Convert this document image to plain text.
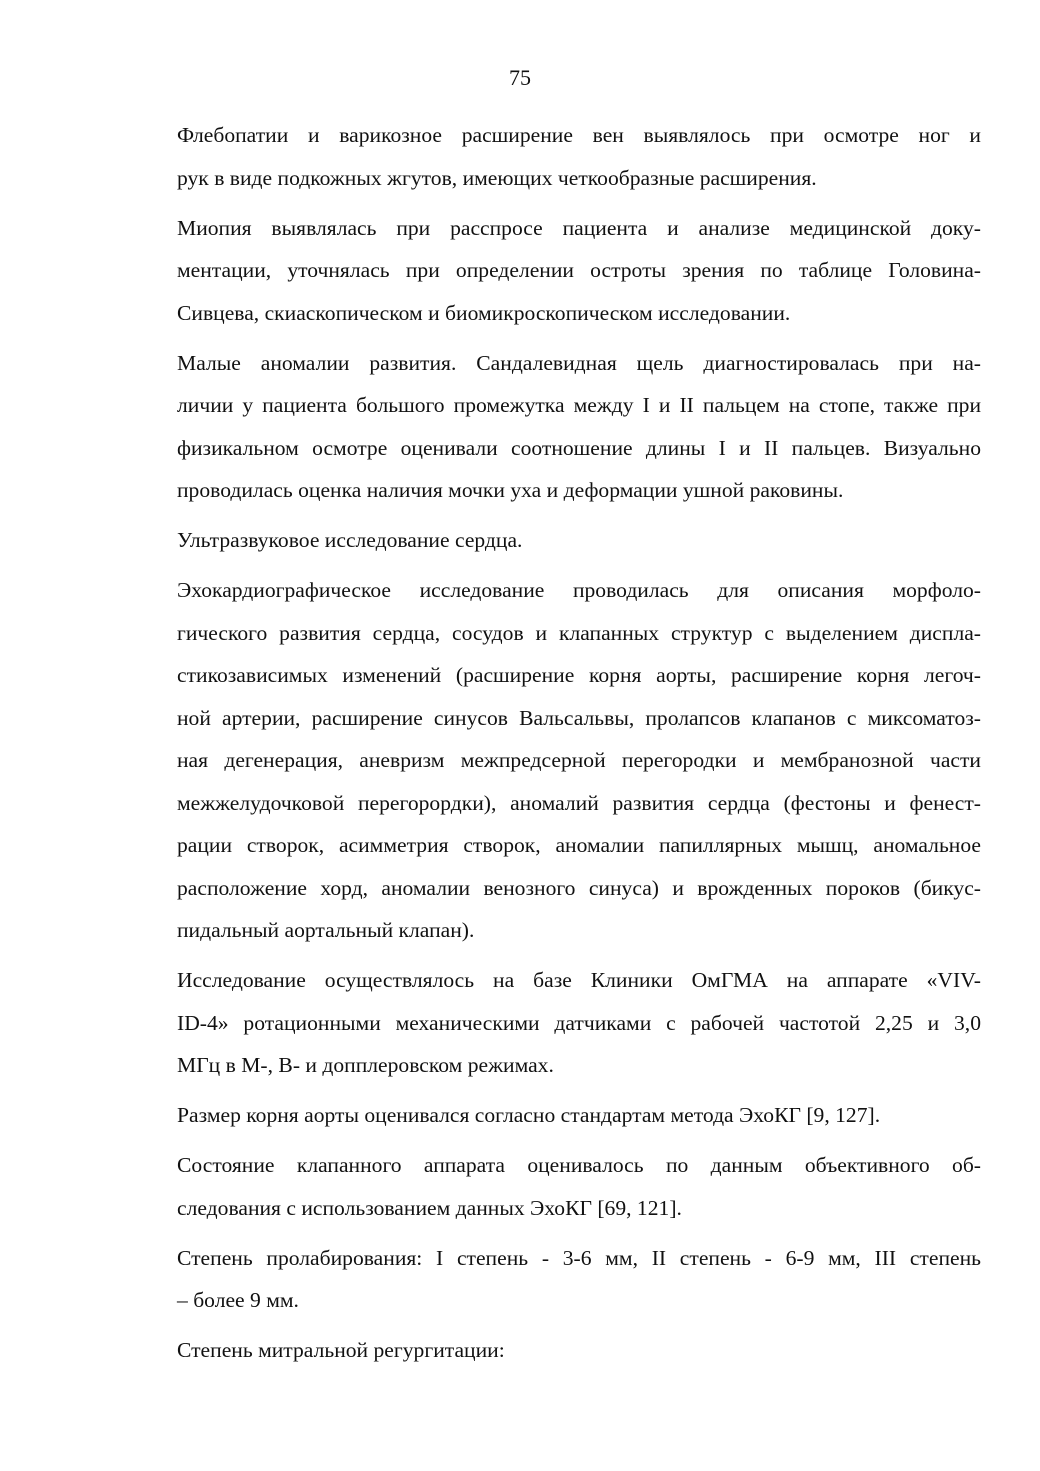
75

Флебопатии и варикозное расширение вен выявлялось при осмотре ног и
рук в виде подкожных жгутов, имеющих четкообразные расширения.

Миопия выявлялась при расспросе пациента и анализе медицинской доку-
ментации, уточнялась при определении остроты зрения по таблице Головина-
Сивцева, скиаскопическом и биомикроскопическом исследовании.

Малые аномалии развития. Сандалевидная щель диагностировалась при на-
личии у пациента большого промежутка между I и II пальцем на стопе, также при
физикальном осмотре оценивали соотношение длины I и II пальцев. Визуально
проводилась оценка наличия мочки уха и деформации ушной раковины.

Ультразвуковое исследование сердца.

Эхокардиографическое исследование проводилась для описания морфоло-
гического развития сердца, сосудов и клапанных структур с выделением диспла-
стикозависимых изменений (расширение корня аорты, расширение корня легоч-
ной артерии, расширение синусов Вальсальвы, пролапсов клапанов с миксоматоз-
ная дегенерация, аневризм межпредсерной перегородки и мембранозной части
межжелудочковой перегорордки), аномалий развития сердца (фестоны и фенест-
рации створок, асимметрия створок, аномалии папиллярных мышц, аномальное
расположение хорд, аномалии венозного синуса) и врожденных пороков (бикус-
пидальный аортальный клапан).

Исследование осуществлялось на базе Клиники ОмГМА на аппарате «VIV-
ID-4» ротационными механическими датчиками с рабочей частотой 2,25 и 3,0
МГц в М-, В- и допплеровском режимах.

Размер корня аорты оценивался согласно стандартам метода ЭхоКГ [9, 127].

Состояние клапанного аппарата оценивалось по данным объективного об-
следования с использованием данных ЭхоКГ [69, 121].

Степень пролабирования: I степень - 3-6 мм, II степень - 6-9 мм, III степень
– более 9 мм.

Степень митральной регургитации:
